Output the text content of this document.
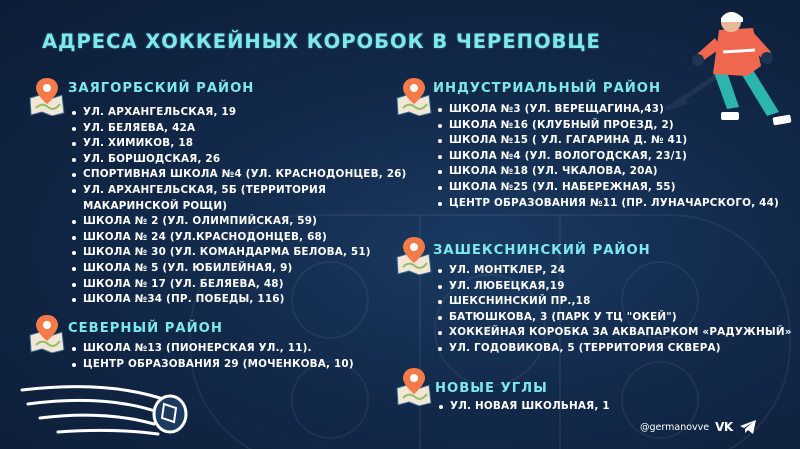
АДРЕСА ХОККЕЙНЫХ КОРОБОК В ЧЕРЕПОВЦЕ
ЗАЯГОРБСКИЙ РАЙОН
УЛ. АРХАНГЕЛЬСКАЯ, 19
УЛ. БЕЛЯЕВА, 42А
УЛ. ХИМИКОВ, 18
УЛ. БОРШОДСКАЯ, 26
СПОРТИВНАЯ ШКОЛА №4 (УЛ. КРАСНОДОНЦЕВ, 26)
УЛ. АРХАНГЕЛЬСКАЯ, 5Б (ТЕРРИТОРИЯ МАКАРИНСКОЙ РОЩИ)
ШКОЛА № 2 (УЛ. ОЛИМПИЙСКАЯ, 59)
ШКОЛА № 24 (УЛ.КРАСНОДОНЦЕВ, 68)
ШКОЛА № 30 (УЛ. КОМАНДАРМА БЕЛОВА, 51)
ШКОЛА № 5 (УЛ. ЮБИЛЕЙНАЯ, 9)
ШКОЛА № 17 (УЛ. БЕЛЯЕВА, 48)
ШКОЛА №34 (ПР. ПОБЕДЫ, 116)
СЕВЕРНЫЙ РАЙОН
ШКОЛА №13 (ПИОНЕРСКАЯ УЛ., 11).
ЦЕНТР ОБРАЗОВАНИЯ 29 (МОЧЕНКОВА, 10)
ИНДУСТРИАЛЬНЫЙ РАЙОН
ШКОЛА №3 (УЛ. ВЕРЕЩАГИНА,43)
ШКОЛА №16 (КЛУБНЫЙ ПРОЕЗД, 2)
ШКОЛА №15 ( УЛ. ГАГАРИНА Д. № 41)
ШКОЛА №4 (УЛ. ВОЛОГОДСКАЯ, 23/1)
ШКОЛА №18 (УЛ. ЧКАЛОВА, 20А)
ШКОЛА №25 (УЛ. НАБЕРЕЖНАЯ, 55)
ЦЕНТР ОБРАЗОВАНИЯ №11 (ПР. ЛУНАЧАРСКОГО, 44)
ЗАШЕКСНИНСКИЙ РАЙОН
УЛ. МОНТКЛЕР, 24
УЛ. ЛЮБЕЦКАЯ,19
ШЕКСНИНСКИЙ ПР.,18
БАТЮШКОВА, 3 (ПАРК У ТЦ "ОКЕЙ")
ХОККЕЙНАЯ КОРОБКА ЗА АКВАПАРКОМ «РАДУЖНЫЙ»
УЛ. ГОДОВИКОВА, 5 (ТЕРРИТОРИЯ СКВЕРА)
НОВЫЕ УГЛЫ
УЛ. НОВАЯ ШКОЛЬНАЯ, 1
@germanovve VK
